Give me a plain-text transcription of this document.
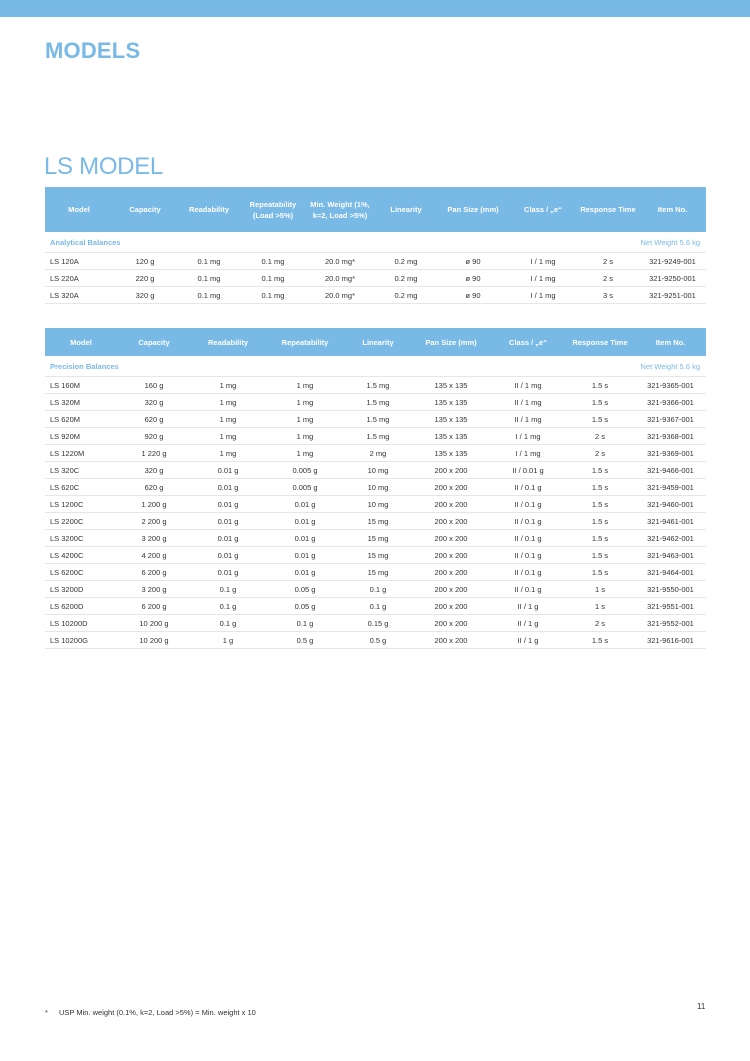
MODELS
LS MODEL
Model	Capacity	Readability	Repeatability (Load >5%)	Min. Weight (1%, k=2, Load >5%)	Linearity	Pan Size (mm)	Class / „e“	Response Time	Item No.
Analytical Balances			Net Weight 5.6 kg						
LS 120A	120 g	0.1 mg	0.1 mg	20.0 mg*	0.2 mg	ø 90	I / 1 mg	2 s	321-9249-001
LS 220A	220 g	0.1 mg	0.1 mg	20.0 mg*	0.2 mg	ø 90	I / 1 mg	2 s	321-9250-001
LS 320A	320 g	0.1 mg	0.1 mg	20.0 mg*	0.2 mg	ø 90	I / 1 mg	3 s	321-9251-001
Model	Capacity	Readability	Repeatability	Linearity	Pan Size (mm)	Class / „e“	Response Time	Item No.
Precision Balances			Net Weight 5.6 kg					
LS 160M	160 g	1 mg	1 mg	1.5 mg	135 x 135	II / 1 mg	1.5 s	321-9365-001
LS 320M	320 g	1 mg	1 mg	1.5 mg	135 x 135	II / 1 mg	1.5 s	321-9366-001
LS 620M	620 g	1 mg	1 mg	1.5 mg	135 x 135	II / 1 mg	1.5 s	321-9367-001
LS 920M	920 g	1 mg	1 mg	1.5 mg	135 x 135	I / 1 mg	2 s	321-9368-001
LS 1220M	1 220 g	1 mg	1 mg	2 mg	135 x 135	I / 1 mg	2 s	321-9369-001
LS 320C	320 g	0.01 g	0.005 g	10 mg	200 x 200	II / 0.01 g	1.5 s	321-9466-001
LS 620C	620 g	0.01 g	0.005 g	10 mg	200 x 200	II / 0.1 g	1.5 s	321-9459-001
LS 1200C	1 200 g	0.01 g	0.01 g	10 mg	200 x 200	II / 0.1 g	1.5 s	321-9460-001
LS 2200C	2 200 g	0.01 g	0.01 g	15 mg	200 x 200	II / 0.1 g	1.5 s	321-9461-001
LS 3200C	3 200 g	0.01 g	0.01 g	15 mg	200 x 200	II / 0.1 g	1.5 s	321-9462-001
LS 4200C	4 200 g	0.01 g	0.01 g	15 mg	200 x 200	II / 0.1 g	1.5 s	321-9463-001
LS 6200C	6 200 g	0.01 g	0.01 g	15 mg	200 x 200	II / 0.1 g	1.5 s	321-9464-001
LS 3200D	3 200 g	0.1 g	0.05 g	0.1 g	200 x 200	II / 0.1 g	1 s	321-9550-001
LS 6200D	6 200 g	0.1 g	0.05 g	0.1 g	200 x 200	II / 1 g	1 s	321-9551-001
LS 10200D	10 200 g	0.1 g	0.1 g	0.15 g	200 x 200	II / 1 g	2 s	321-9552-001
LS 10200G	10 200 g	1 g	0.5 g	0.5 g	200 x 200	II / 1 g	1.5 s	321-9616-001
* USP Min. weight (0.1%, k=2, Load >5%) = Min. weight x 10
11
